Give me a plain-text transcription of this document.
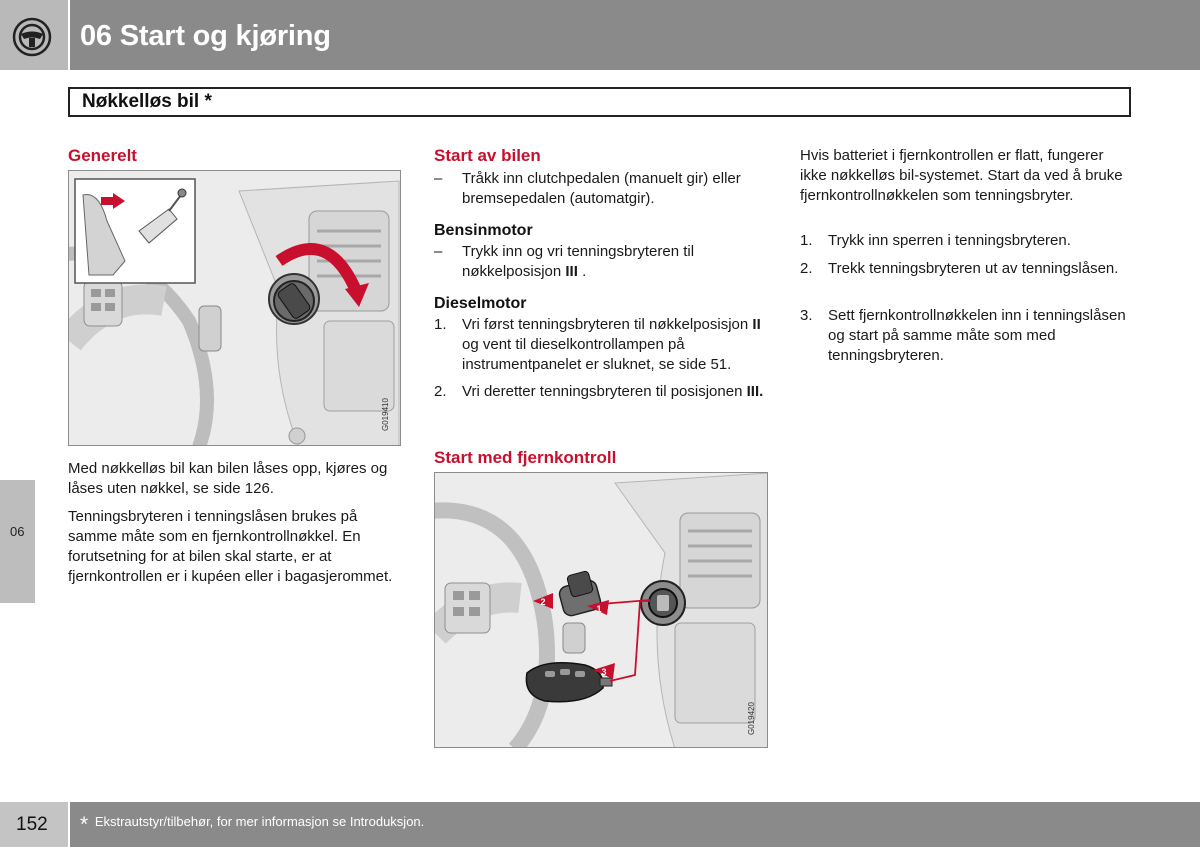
06 Start og kjøring
Nøkkelløs bil *
06
Generelt
G019410
Med nøkkelløs bil kan bilen låses opp, kjøres og låses uten nøkkel, se side 126.
Tenningsbryteren i tenningslåsen brukes på samme måte som en fjernkontrollnøkkel. En forutsetning for at bilen skal starte, er at fjernkontrollen er i kupéen eller i bagasjerommet.
Start av bilen
– Tråkk inn clutchpedalen (manuelt gir) eller bremsepedalen (automatgir).
Bensinmotor
– Trykk inn og vri tenningsbryteren til nøkkelposisjon III .
Dieselmotor
1. Vri først tenningsbryteren til nøkkelposisjon II  og vent til dieselkontrollampen på instrumentpanelet er sluknet, se side 51.
2. Vri deretter tenningsbryteren til posisjonen III.
Start med fjernkontroll
2
1
3
G019420
Hvis batteriet i fjernkontrollen er flatt, fungerer ikke nøkkelløs bil-systemet. Start da ved å bruke fjernkontrollnøkkelen som tenningsbryter.
1. Trykk inn sperren i tenningsbryteren.
2. Trekk tenningsbryteren ut av tenningslåsen.
3. Sett fjernkontrollnøkkelen inn i tenningslåsen og start på samme måte som med tenningsbryteren.
152 * Ekstrautstyr/tilbehør, for mer informasjon se Introduksjon.
